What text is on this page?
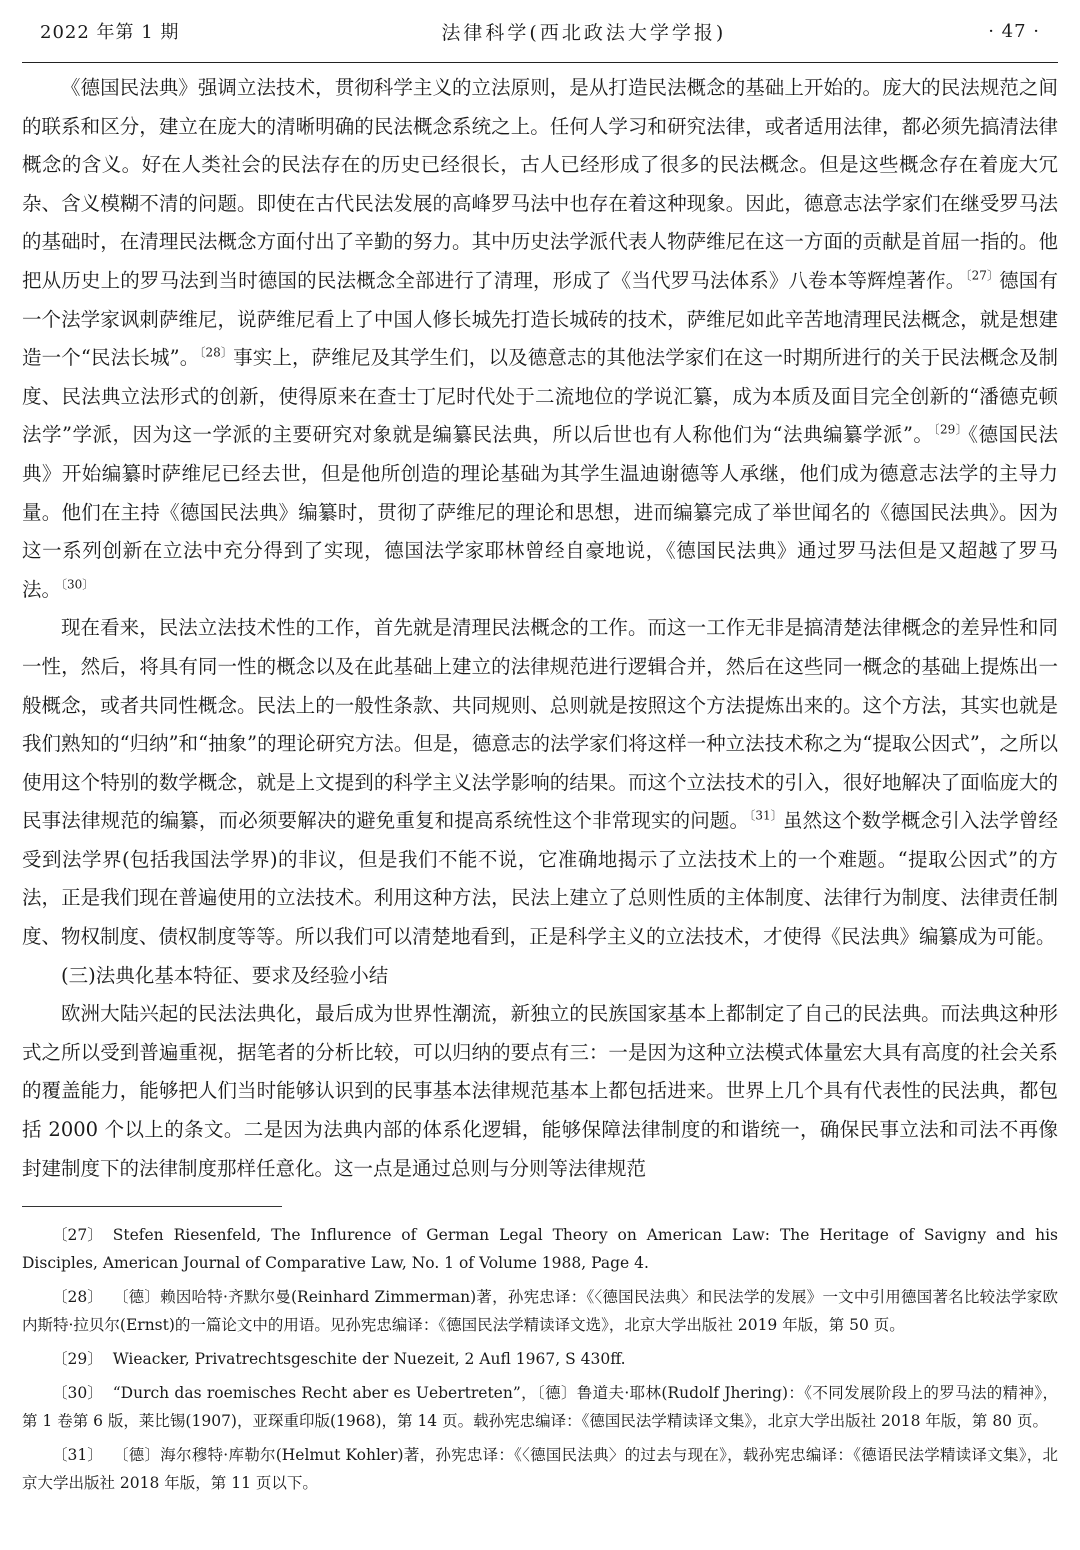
2022 年第 1 期	法律科学(西北政法大学学报)	· 47 ·

《德国民法典》强调立法技术，贯彻科学主义的立法原则，是从打造民法概念的基础上开始的。庞大的民法规范之间的联系和区分，建立在庞大的清晰明确的民法概念系统之上。任何人学习和研究法律，或者适用法律，都必须先搞清法律概念的含义。好在人类社会的民法存在的历史已经很长，古人已经形成了很多的民法概念。但是这些概念存在着庞大冗杂、含义模糊不清的问题。即使在古代民法发展的高峰罗马法中也存在着这种现象。因此，德意志法学家们在继受罗马法的基础时，在清理民法概念方面付出了辛勤的努力。其中历史法学派代表人物萨维尼在这一方面的贡献是首屈一指的。他把从历史上的罗马法到当时德国的民法概念全部进行了清理，形成了《当代罗马法体系》八卷本等辉煌著作。$^{〔27〕}$德国有一个法学家讽刺萨维尼，说萨维尼看上了中国人修长城先打造长城砖的技术，萨维尼如此辛苦地清理民法概念，就是想建造一个“民法长城”。$^{〔28〕}$事实上，萨维尼及其学生们，以及德意志的其他法学家们在这一时期所进行的关于民法概念及制度、民法典立法形式的创新，使得原来在查士丁尼时代处于二流地位的学说汇纂，成为本质及面目完全创新的“潘德克顿法学”学派，因为这一学派的主要研究对象就是编纂民法典，所以后世也有人称他们为“法典编纂学派”。$^{〔29〕}$《德国民法典》开始编纂时萨维尼已经去世，但是他所创造的理论基础为其学生温迪谢德等人承继，他们成为德意志法学的主导力量。他们在主持《德国民法典》编纂时，贯彻了萨维尼的理论和思想，进而编纂完成了举世闻名的《德国民法典》。因为这一系列创新在立法中充分得到了实现，德国法学家耶林曾经自豪地说，《德国民法典》通过罗马法但是又超越了罗马法。$^{〔30〕}$

现在看来，民法立法技术性的工作，首先就是清理民法概念的工作。而这一工作无非是搞清楚法律概念的差异性和同一性，然后，将具有同一性的概念以及在此基础上建立的法律规范进行逻辑合并，然后在这些同一概念的基础上提炼出一般概念，或者共同性概念。民法上的一般性条款、共同规则、总则就是按照这个方法提炼出来的。这个方法，其实也就是我们熟知的“归纳”和“抽象”的理论研究方法。但是，德意志的法学家们将这样一种立法技术称之为“提取公因式”，之所以使用这个特别的数学概念，就是上文提到的科学主义法学影响的结果。而这个立法技术的引入，很好地解决了面临庞大的民事法律规范的编纂，而必须要解决的避免重复和提高系统性这个非常现实的问题。$^{〔31〕}$虽然这个数学概念引入法学曾经受到法学界(包括我国法学界)的非议，但是我们不能不说，它准确地揭示了立法技术上的一个难题。“提取公因式”的方法，正是我们现在普遍使用的立法技术。利用这种方法，民法上建立了总则性质的主体制度、法律行为制度、法律责任制度、物权制度、债权制度等等。所以我们可以清楚地看到，正是科学主义的立法技术，才使得《民法典》编纂成为可能。

(三)法典化基本特征、要求及经验小结

欧洲大陆兴起的民法法典化，最后成为世界性潮流，新独立的民族国家基本上都制定了自己的民法典。而法典这种形式之所以受到普遍重视，据笔者的分析比较，可以归纳的要点有三：一是因为这种立法模式体量宏大具有高度的社会关系的覆盖能力，能够把人们当时能够认识到的民事基本法律规范基本上都包括进来。世界上几个具有代表性的民法典，都包括 2000 个以上的条文。二是因为法典内部的体系化逻辑，能够保障法律制度的和谐统一，确保民事立法和司法不再像封建制度下的法律制度那样任意化。这一点是通过总则与分则等法律规范

〔27〕 Stefen Riesenfeld, The Influrence of German Legal Theory on American Law: The Heritage of Savigny and his Disciples, American Journal of Comparative Law, No. 1 of Volume 1988, Page 4.

〔28〕 〔德〕赖因哈特·齐默尔曼(Reinhard Zimmerman)著，孙宪忠译：《〈德国民法典〉和民法学的发展》一文中引用德国著名比较法学家欧内斯特·拉贝尔(Ernst)的一篇论文中的用语。见孙宪忠编译：《德国民法学精读译文选》，北京大学出版社 2019 年版，第 50 页。

〔29〕 Wieacker, Privatrechtsgeschite der Nuezeit, 2 Aufl 1967, S 430ff.

〔30〕 “Durch das roemisches Recht aber es Uebertreten”，〔德〕鲁道夫·耶林(Rudolf Jhering)：《不同发展阶段上的罗马法的精神》，第 1 卷第 6 版，莱比锡(1907)，亚琛重印版(1968)，第 14 页。载孙宪忠编译：《德国民法学精读译文集》，北京大学出版社 2018 年版，第 80 页。

〔31〕 〔德〕海尔穆特·库勒尔(Helmut Kohler)著，孙宪忠译：《〈德国民法典〉的过去与现在》，载孙宪忠编译：《德语民法学精读译文集》，北京大学出版社 2018 年版，第 11 页以下。
